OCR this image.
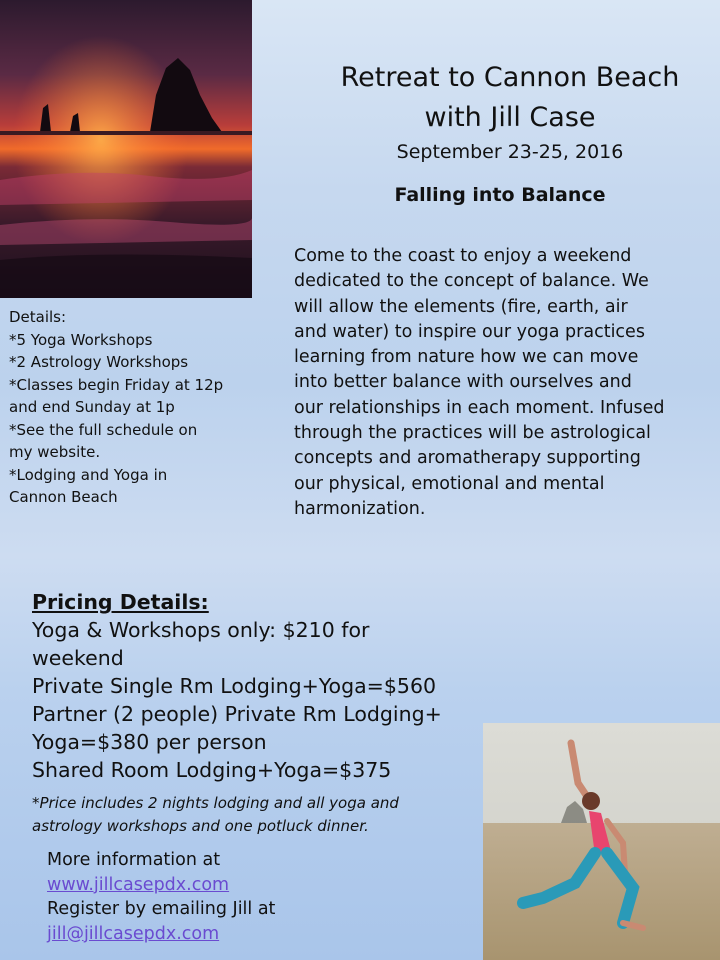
Retreat to Cannon Beach
with Jill Case
September 23-25, 2016
Falling into Balance
Come to the coast to enjoy a weekend
dedicated to the concept of balance. We
will allow the elements (fire, earth, air
and water) to inspire our yoga practices
learning from nature how we can move
into better balance with ourselves and
our relationships in each moment. Infused
through the practices will be astrological
concepts and aromatherapy supporting
our physical, emotional and mental
harmonization.
Details:
*5 Yoga Workshops
*2 Astrology Workshops
*Classes begin Friday at 12p
and end Sunday at 1p
*See the full schedule on
my website.
*Lodging and Yoga in
Cannon Beach
Pricing Details:
Yoga & Workshops only: $210 for
weekend
Private Single Rm Lodging+Yoga=$560
Partner (2 people) Private Rm Lodging+
Yoga=$380 per person
Shared Room Lodging+Yoga=$375
*Price includes 2 nights lodging and all yoga and
astrology workshops and one potluck dinner.
More information at
www.jillcasepdx.com
Register by emailing Jill at
jill@jillcasepdx.com
